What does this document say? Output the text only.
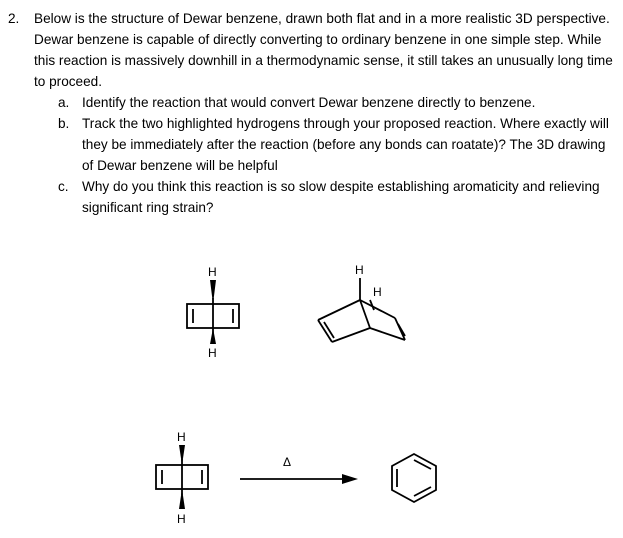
2.	Below is the structure of Dewar benzene, drawn both flat and in a more realistic 3D perspective. Dewar benzene is capable of directly converting to ordinary benzene in one simple step. While this reaction is massively downhill in a thermodynamic sense, it still takes an unusually long time to proceed.
a. Identify the reaction that would convert Dewar benzene directly to benzene.
b. Track the two highlighted hydrogens through your proposed reaction. Where exactly will they be immediately after the reaction (before any bonds can roatate)? The 3D drawing of Dewar benzene will be helpful
c. Why do you think this reaction is so slow despite establishing aromaticity and relieving significant ring strain?
H
H
H
H
H
H
Δ
